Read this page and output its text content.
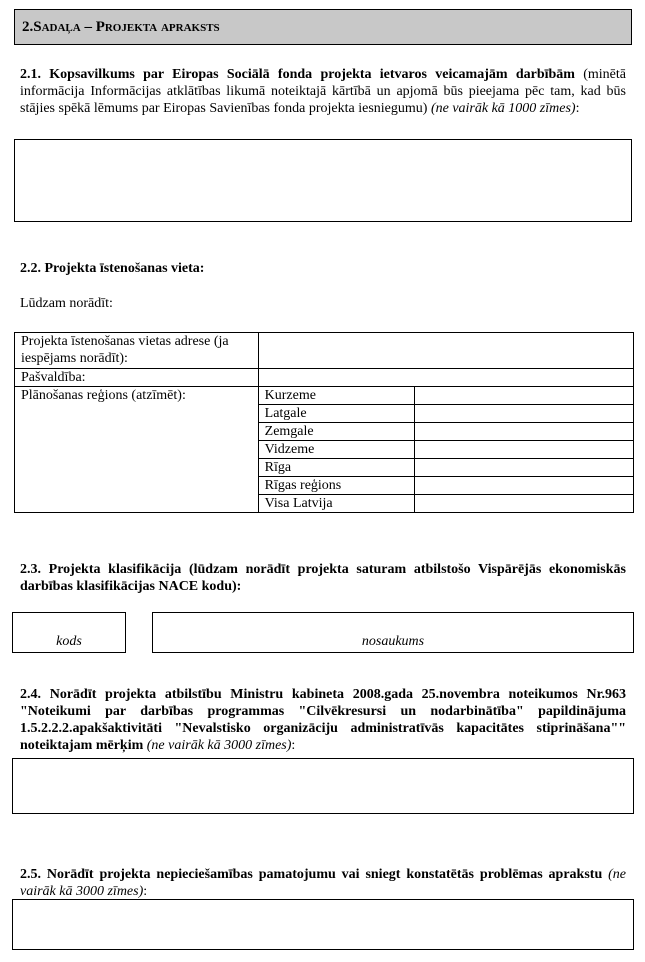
2.Sadaļa – Projekta apraksts
2.1. Kopsavilkums par Eiropas Sociālā fonda projekta ietvaros veicamajām darbībām (minētā informācija Informācijas atklātības likumā noteiktajā kārtībā un apjomā būs pieejama pēc tam, kad būs stājies spēkā lēmums par Eiropas Savienības fonda projekta iesniegumu) (ne vairāk kā 1000 zīmes):
2.2. Projekta īstenošanas vieta:
Lūdzam norādīt:
Projekta īstenošanas vietas adrese (ja iespējams norādīt):		
Pašvaldība:		
Plānošanas reģions (atzīmēt):	Kurzeme	
	Latgale	
	Zemgale	
	Vidzeme	
	Rīga	
	Rīgas reģions	
	Visa Latvija	
2.3. Projekta klasifikācija (lūdzam norādīt projekta saturam atbilstošo Vispārējās ekonomiskās darbības klasifikācijas NACE kodu):
kods	nosaukums
2.4. Norādīt projekta atbilstību Ministru kabineta 2008.gada 25.novembra noteikumos Nr.963 "Noteikumi par darbības programmas "Cilvēkresursi un nodarbinātība" papildinājuma 1.5.2.2.2.apakšaktivitāti "Nevalstisko organizāciju administratīvās kapacitātes stiprināšana"" noteiktajam mērķim (ne vairāk kā 3000 zīmes):
2.5. Norādīt projekta nepieciešamības pamatojumu vai sniegt konstatētās problēmas aprakstu (ne vairāk kā 3000 zīmes):
